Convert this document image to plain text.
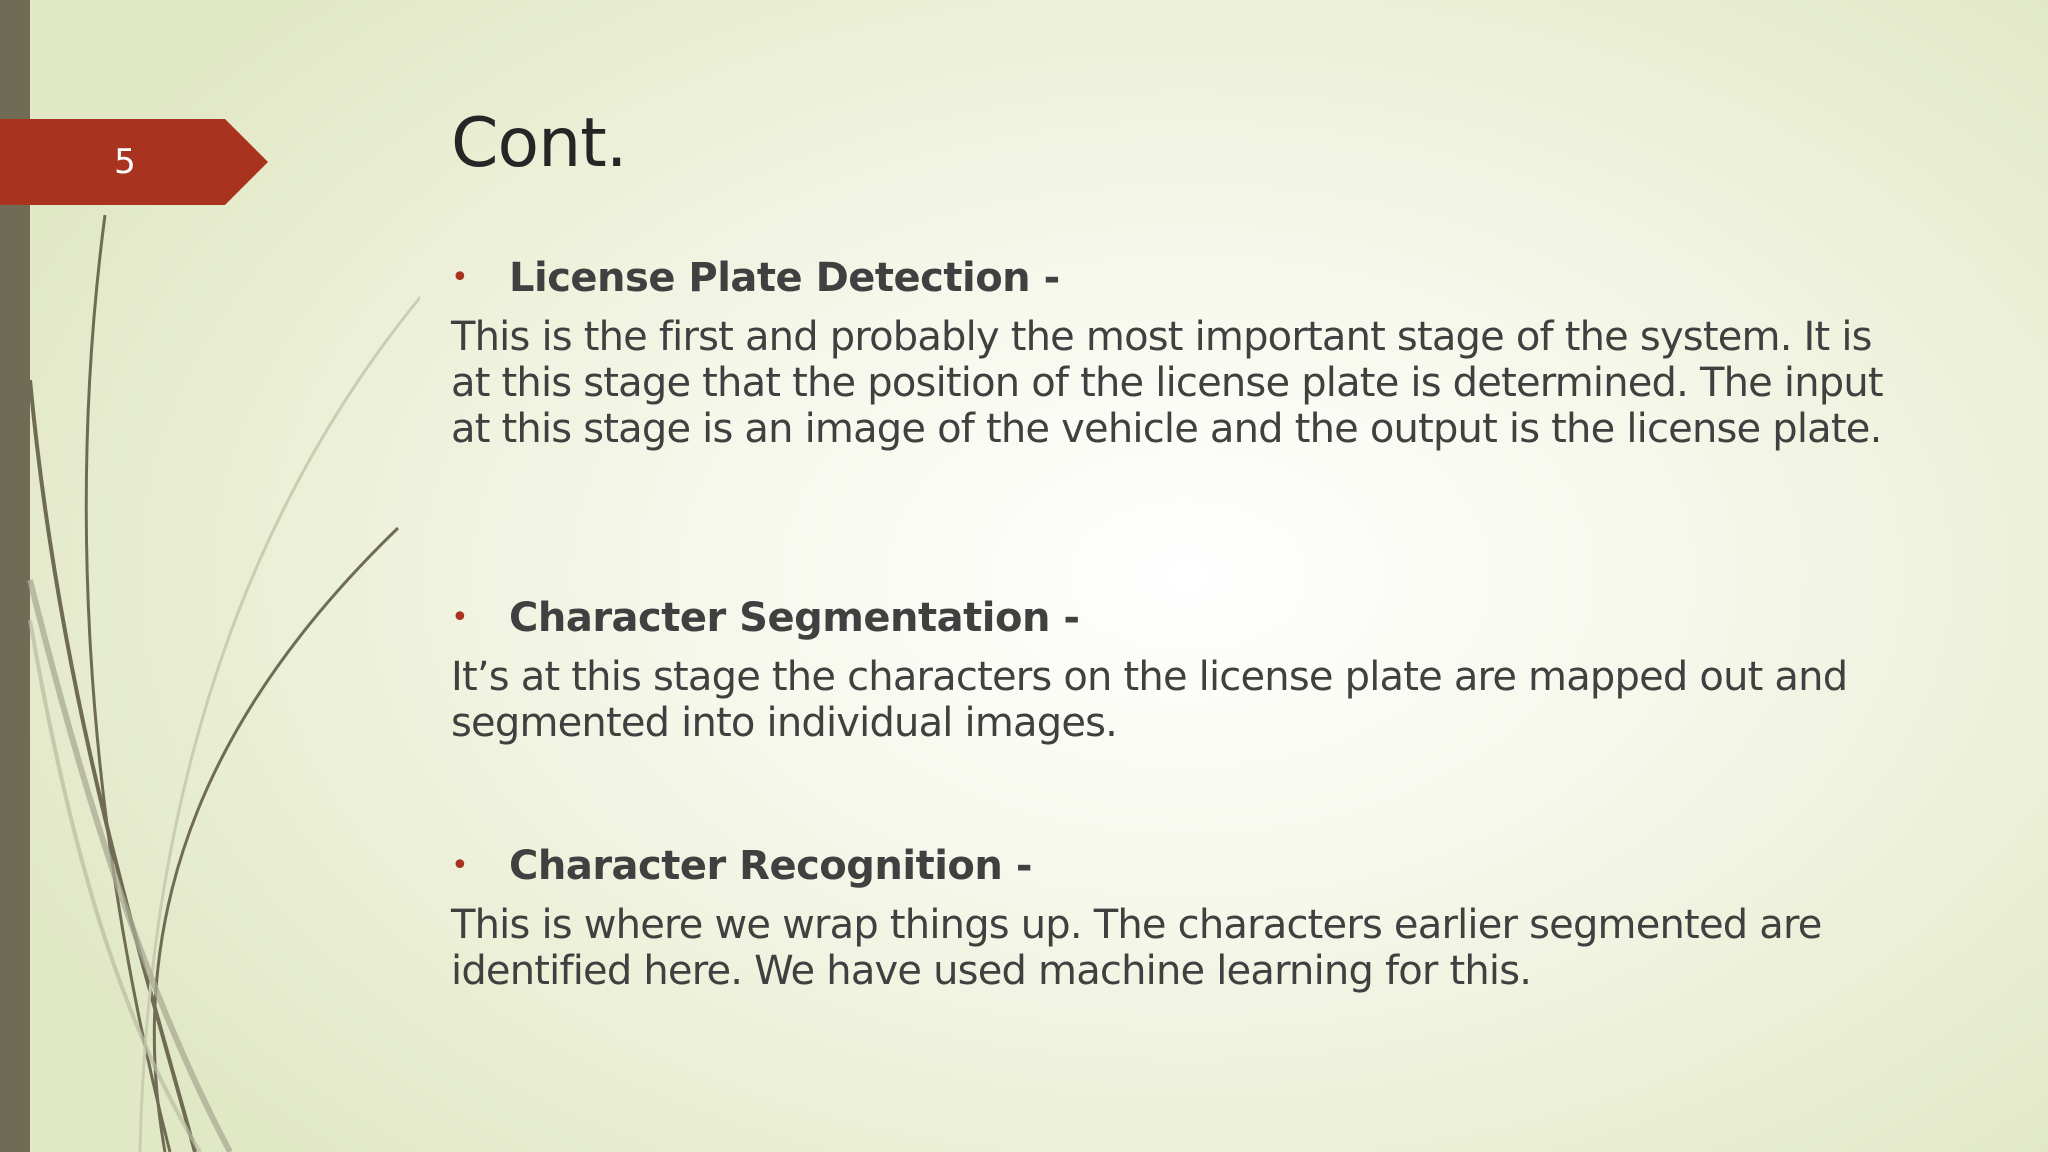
5	Cont.
•	License Plate Detection -

This is the first and probably the most important stage of the system. It is at this stage that the position of the license plate is determined. The input at this stage is an image of the vehicle and the output is the license plate.

•	Character Segmentation -

It’s at this stage the characters on the license plate are mapped out and segmented into individual images.

•	Character Recognition -

This is where we wrap things up. The characters earlier segmented are identified here. We have used machine learning for this.
